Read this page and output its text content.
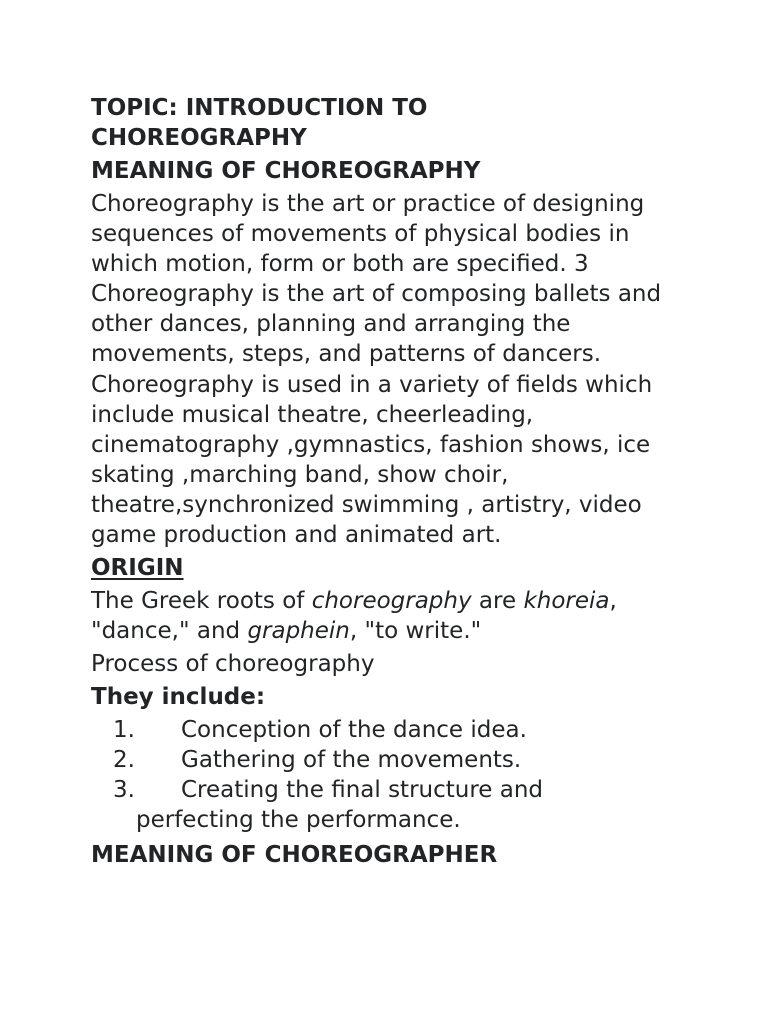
TOPIC: INTRODUCTION TO CHOREOGRAPHY
MEANING OF CHOREOGRAPHY

Choreography is the art or practice of designing sequences of movements of physical bodies in which motion, form or both are specified. 3 Choreography is the art of composing ballets and other dances, planning and arranging the movements, steps, and patterns of dancers. Choreography is used in a variety of fields which include musical theatre, cheerleading, cinematography ,gymnastics, fashion shows, ice skating ,marching band, show choir, theatre,synchronized swimming , artistry, video game production and animated art.

ORIGIN

The Greek roots of choreography are khoreia, "dance," and graphein, "to write."

Process of choreography

They include:
1. Conception of the dance idea.
2. Gathering of the movements.
3. Creating the final structure and
perfecting the performance.
MEANING OF CHOREOGRAPHER
